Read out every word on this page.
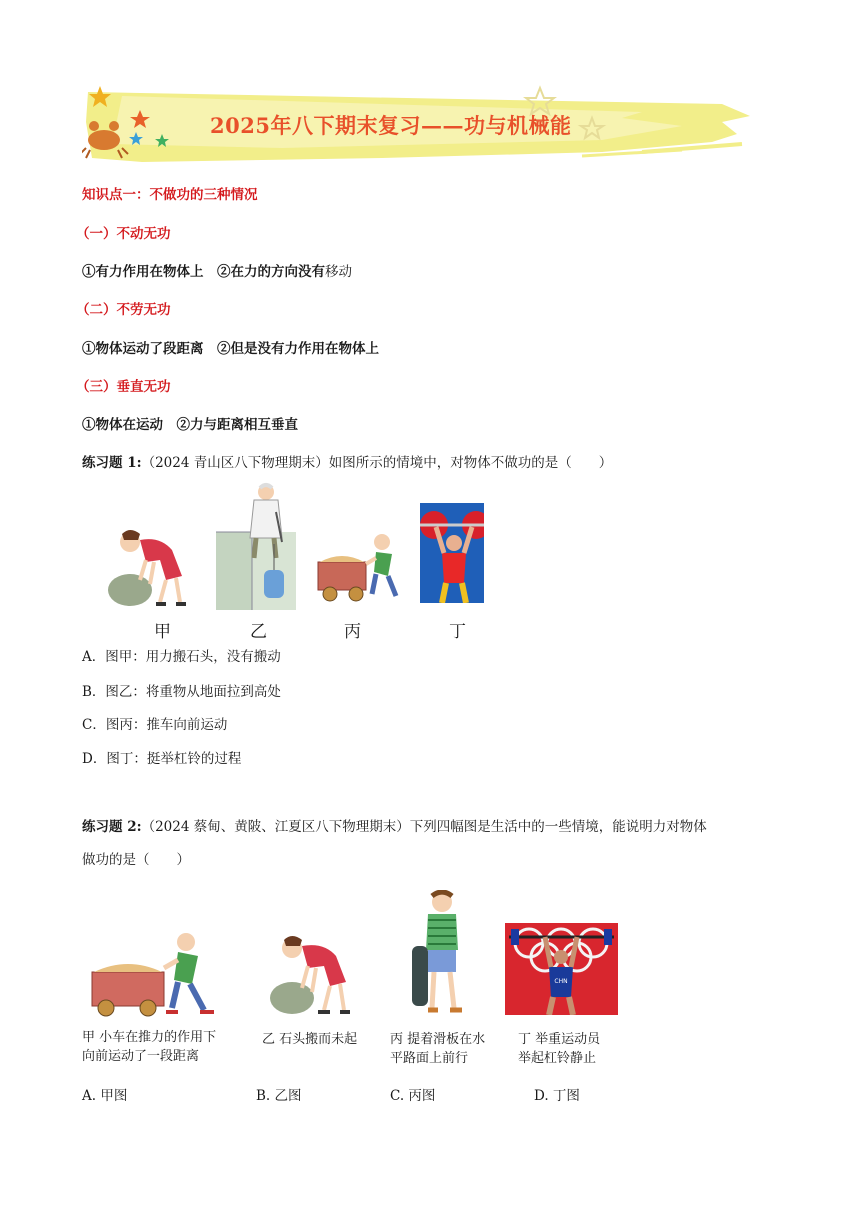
2025年八下期末复习——功与机械能
知识点一：不做功的三种情况
（一）不动无功
①有力作用在物体上　②在力的方向没有移动
（二）不劳无功
①物体运动了段距离　②但是没有力作用在物体上
（三）垂直无功
①物体在运动　②力与距离相互垂直
练习题 1:（2024 青山区八下物理期末）如图所示的情境中，对物体不做功的是（　　）
甲	乙	丙	丁
A．图甲：用力搬石头，没有搬动
B．图乙：将重物从地面拉到高处
C．图丙：推车向前运动
D．图丁：挺举杠铃的过程
练习题 2:（2024 蔡甸、黄陂、江夏区八下物理期末）下列四幅图是生活中的一些情境，能说明力对物体
做功的是（　　）
CHN
甲 小车在推力的作用下
向前运动了一段距离
乙 石头搬而未起	丙 提着滑板在水
平路面上前行
丁 举重运动员
举起杠铃静止
A. 甲图	B. 乙图	C. 丙图	D. 丁图
